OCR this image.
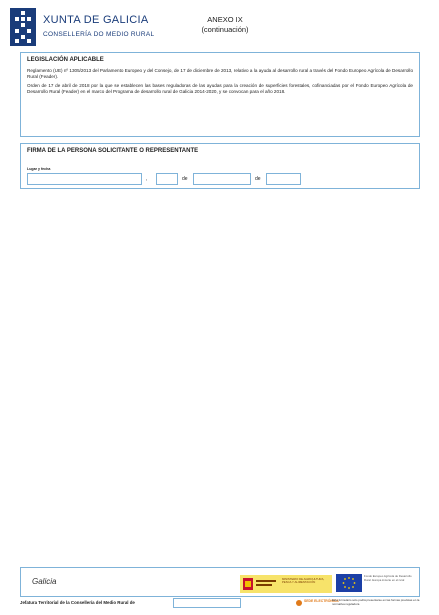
XUNTA DE GALICIA
CONSELLERÍA DO MEDIO RURAL
ANEXO IX
(continuación)
LEGISLACIÓN APLICABLE
Reglamento (UE) nº 1305/2013 del Parlamento Europeo y del Consejo, de 17 de diciembre de 2013, relativo a la ayuda al desarrollo rural a través del Fondo Europeo Agrícola de Desarrollo Rural (Feader).
Orden de 17 de abril de 2018 por la que se establecen las bases reguladoras de las ayudas para la creación de superficies forestales, cofinanciadas por el Fondo Europeo Agrícola de Desarrollo Rural (Feader) en el marco del Programa de desarrollo rural de Galicia 2014-2020, y se convocan para el año 2018.
FIRMA DE LA PERSONA SOLICITANTE O REPRESENTANTE
Lugar y fecha
,	de	de
Galicia	MINISTERIO DE AGRICULTURA, PESCA Y ALIMENTACIÓN
Fondo Europeo Agrícola de Desarrollo Rural. Europa invierte en el rural
Jefatura Territorial de la Consellería del Medio Rural de	SEDE ELECTRÓNICA
Este formulario solo podrá presentarse en las formas previstas en la normativa reguladora
